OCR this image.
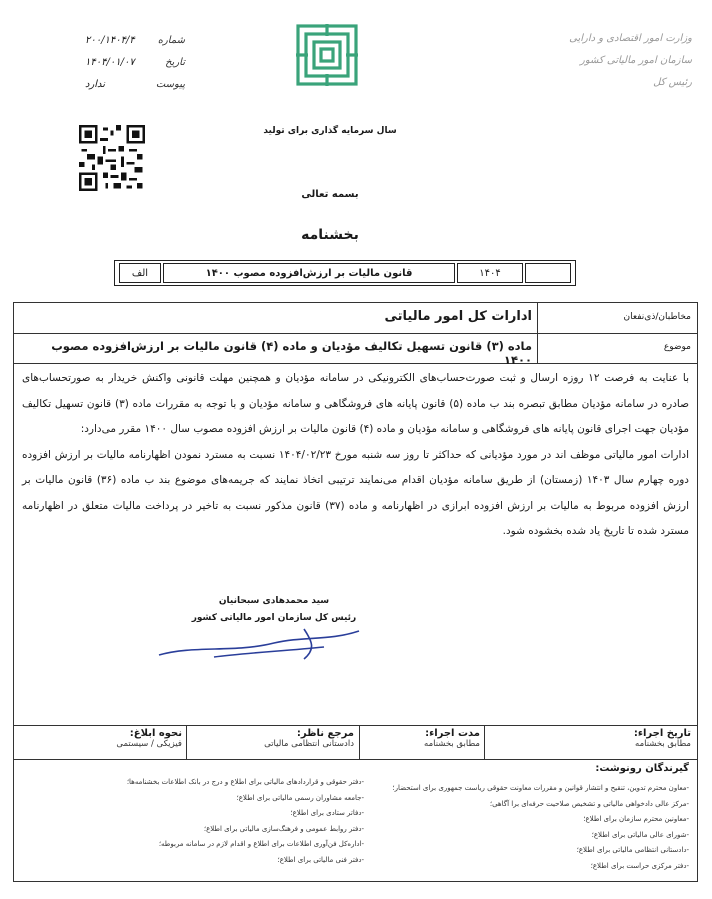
شماره
۲۰۰/۱۴۰۴/۴
تاریخ
۱۴۰۴/۰۱/۰۷
پیوست
ندارد
وزارت امور اقتصادی و دارایی
سازمان امور مالیاتی کشور
رئیس کل
سال سرمایه گذاری برای تولید
بسمه تعالی
بخشنامه
الف	قانون مالیات بر ارزش‌افزوده مصوب ۱۴۰۰	۱۴۰۴
مخاطبان/ذی‌نفعان
ادارات کل امور مالیاتی
موضوع
ماده (۳) قانون تسهیل تکالیف مؤدیان و ماده (۴) قانون مالیات بر ارزش‌افزوده مصوب ۱۴۰۰
با عنایت به فرصت ۱۲ روزه ارسال و ثبت صورت‌حساب‌های الکترونیکی در سامانه مؤدیان و همچنین مهلت قانونی واکنش خریدار به صورتحساب‌های صادره در سامانه مؤدیان مطابق تبصره بند ب ماده (۵) قانون پایانه های فروشگاهی و سامانه مؤدیان و با توجه به مقررات ماده (۳) قانون تسهیل تکالیف مؤدیان جهت اجرای قانون پایانه های فروشگاهی و سامانه مؤدیان و ماده (۴) قانون مالیات بر ارزش افزوده مصوب سال ۱۴۰۰ مقرر می‌دارد:
ادارات امور مالیاتی موظف اند در مورد مؤدیانی که حداکثر تا روز سه شنبه مورخ ۱۴۰۴/۰۲/۲۳ نسبت به مسترد نمودن اظهارنامه مالیات بر ارزش افزوده دوره چهارم سال ۱۴۰۳ (زمستان) از طریق سامانه مؤدیان اقدام می‌نمایند ترتیبی اتخاذ نمایند که جریمه‌های موضوع بند ب ماده (۳۶) قانون مالیات بر ارزش افزوده مربوط به مالیات بر ارزش افزوده ابرازی در اظهارنامه و ماده (۳۷) قانون مذکور نسبت به تاخیر در پرداخت مالیات متعلق در اظهارنامه مسترد شده تا تاریخ یاد شده بخشوده شود.
سید محمدهادی سبحانیان
رئیس کل سازمان امور مالیاتی کشور
تاریخ اجراء:
مطابق بخشنامه
مدت اجراء:
مطابق بخشنامه
مرجع ناظر:
دادستانی انتظامی مالیاتی
نحوه ابلاغ:
فیزیکی / سیستمی
گیرندگان رونوشت:
-معاون محترم تدوین، تنقیح و انتشار قوانین و مقررات معاونت حقوقی ریاست جمهوری برای استحضار؛
-مرکز عالی دادخواهی مالیاتی و تشخیص صلاحیت حرفه‌ای برا آگاهی؛
-معاونین محترم سازمان برای اطلاع؛
-شورای عالی مالیاتی برای اطلاع؛
-دادستانی انتظامی مالیاتی برای اطلاع؛
-دفتر مرکزی حراست برای اطلاع؛
-دفتر حقوقی و قراردادهای مالیاتی برای اطلاع و درج در بانک اطلاعات بخشنامه‌ها؛
-جامعه مشاوران رسمی مالیاتی برای اطلاع؛
-دفاتر ستادی برای اطلاع؛
-دفتر روابط عمومی و فرهنگ‌سازی مالیاتی برای اطلاع؛
-اداره‌کل فن‌آوری اطلاعات برای اطلاع و اقدام لازم در سامانه مربوطه؛
-دفتر فنی مالیاتی برای اطلاع؛
